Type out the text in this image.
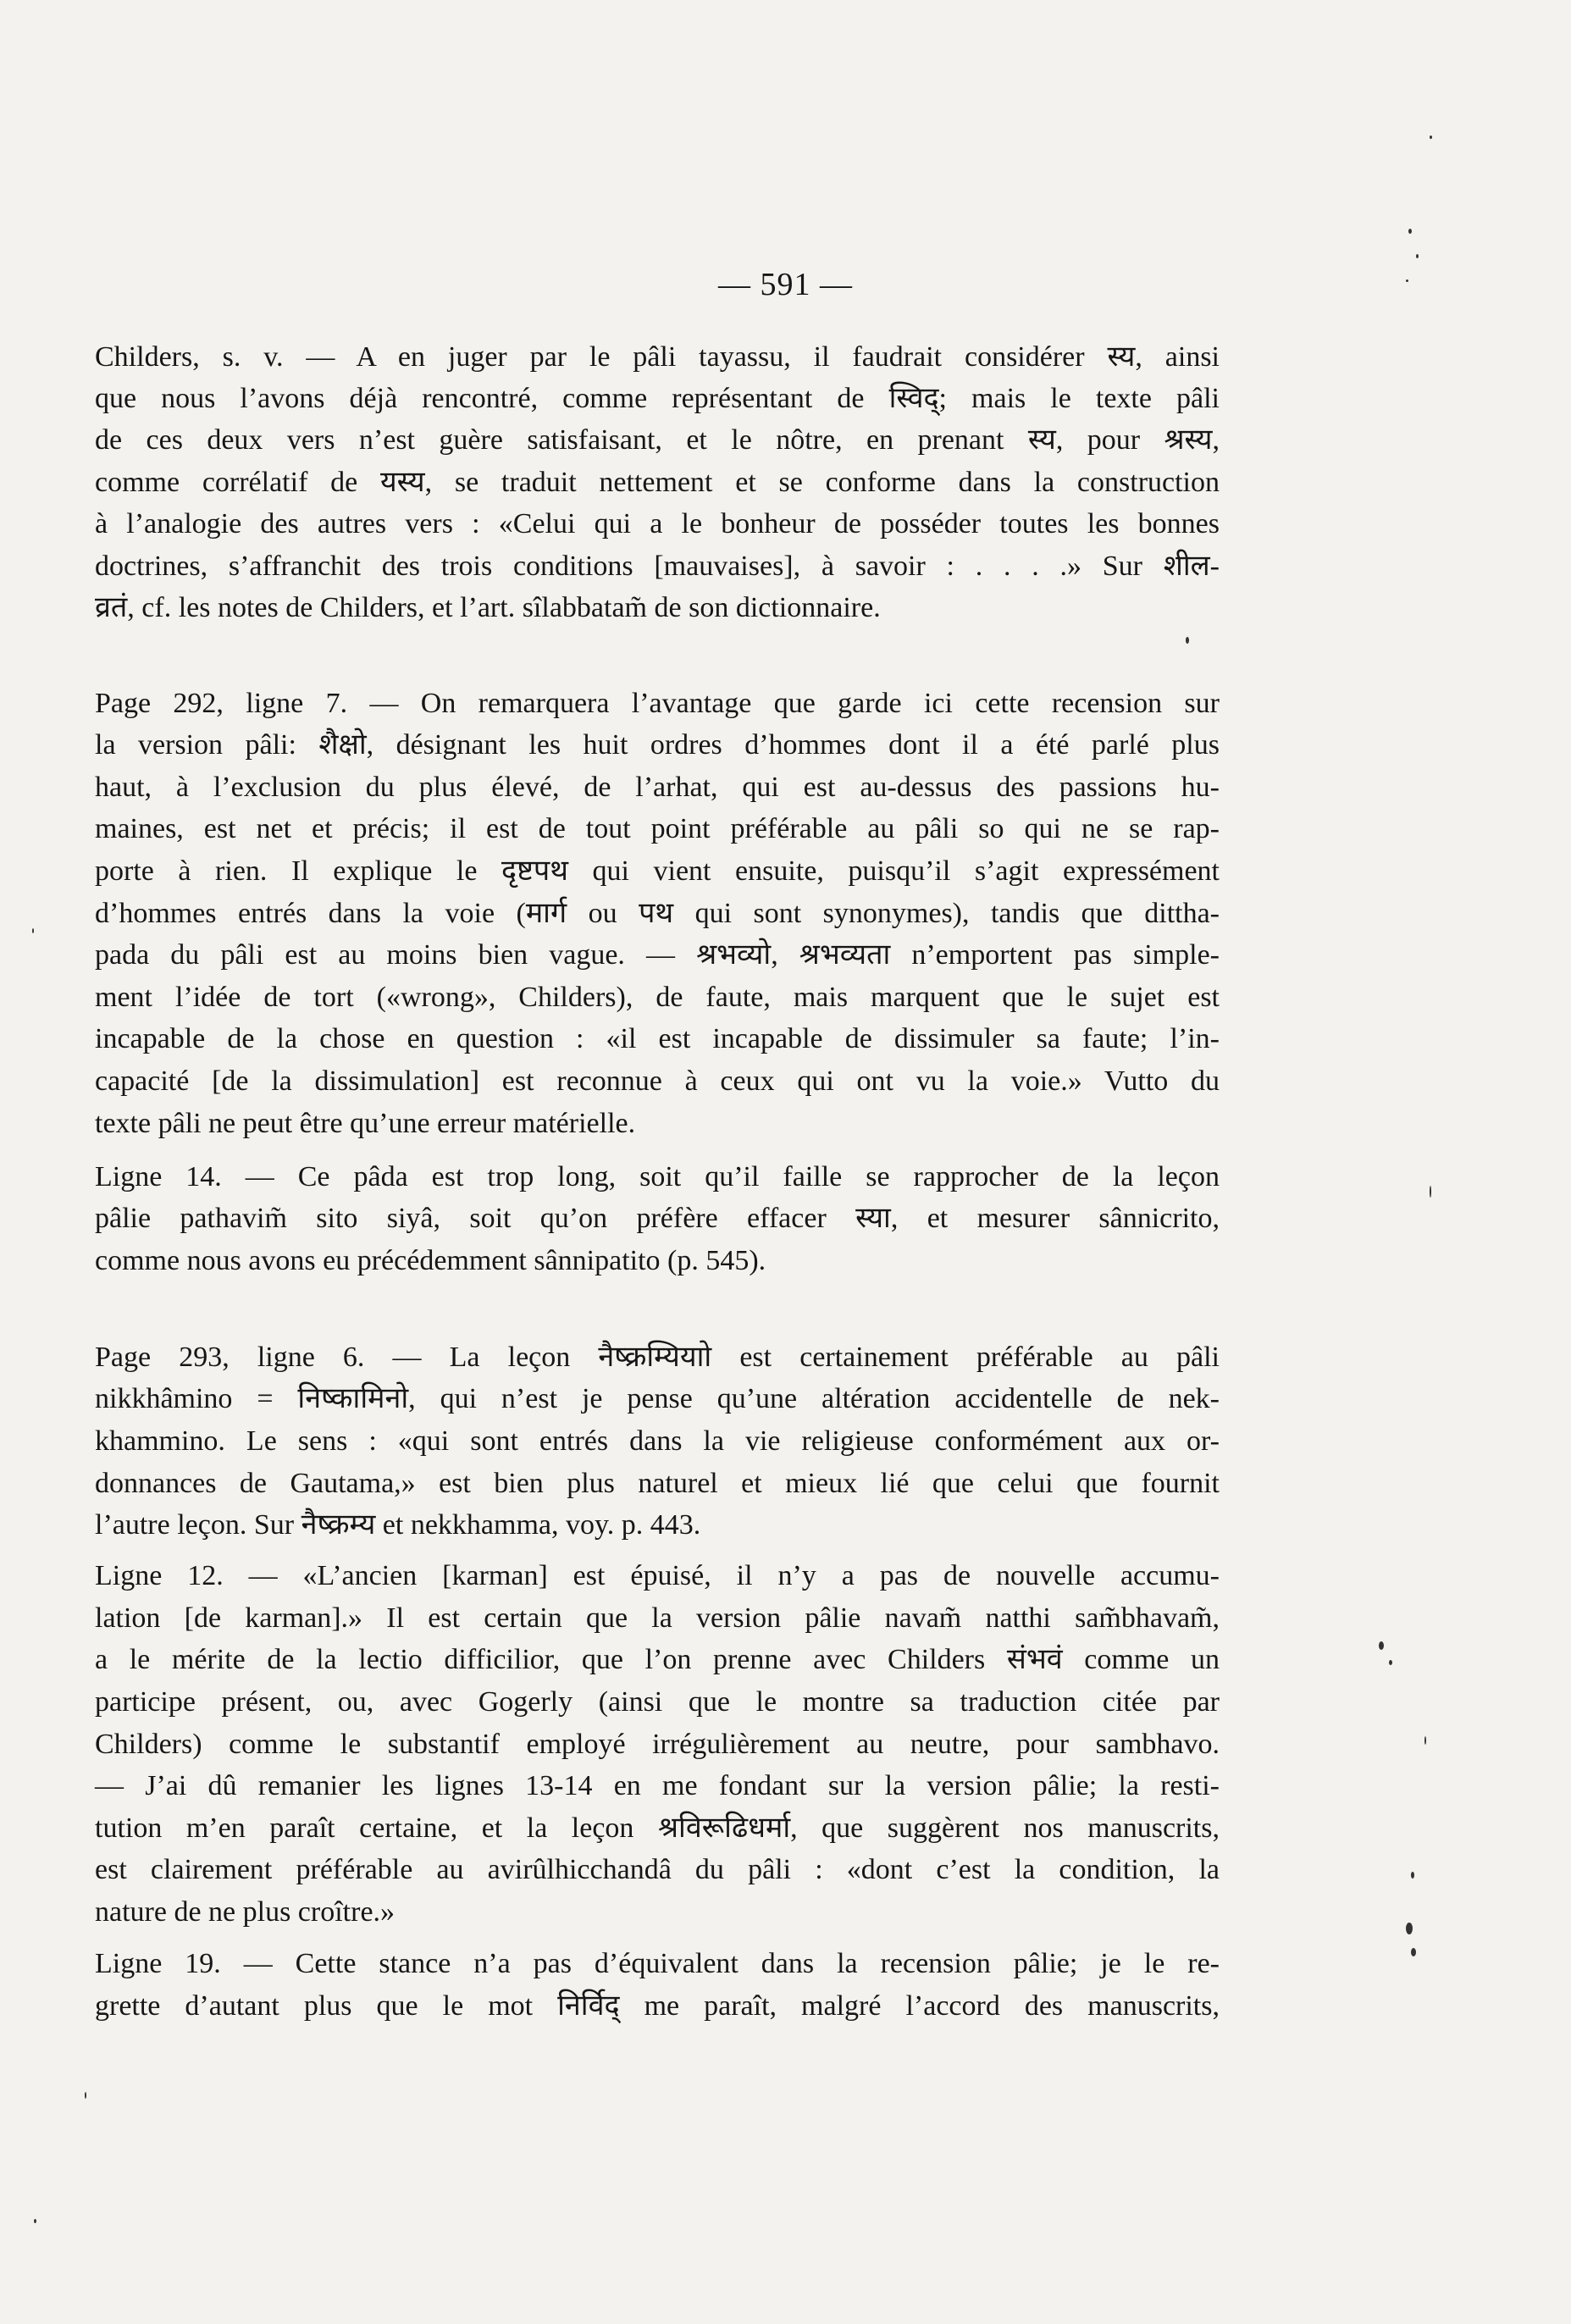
— 591 —
Childers, s. v. — A en juger par le pâli tayassu, il faudrait considérer स्य, ainsi
que nous l’avons déjà rencontré, comme représentant de स्विद्; mais le texte pâli
de ces deux vers n’est guère satisfaisant, et le nôtre, en prenant स्य, pour श्रस्य,
comme corrélatif de यस्य, se traduit nettement et se conforme dans la construction
à l’analogie des autres vers : «Celui qui a le bonheur de posséder toutes les bonnes
doctrines, s’affranchit des trois conditions [mauvaises], à savoir : . . . .» Sur शील-
व्रतं, cf. les notes de Childers, et l’art. sîlabbatam̃ de son dictionnaire.
Page 292, ligne 7. — On remarquera l’avantage que garde ici cette recension sur
la version pâli: शैक्षो, désignant les huit ordres d’hommes dont il a été parlé plus
haut, à l’exclusion du plus élevé, de l’arhat, qui est au-dessus des passions hu-
maines, est net et précis; il est de tout point préférable au pâli so qui ne se rap-
porte à rien. Il explique le दृष्टपथ qui vient ensuite, puisqu’il s’agit expressément
d’hommes entrés dans la voie (मार्ग ou पथ qui sont synonymes), tandis que dittha-
pada du pâli est au moins bien vague. — श्रभव्यो, श्रभव्यता n’emportent pas simple-
ment l’idée de tort («wrong», Childers), de faute, mais marquent que le sujet est
incapable de la chose en question : «il est incapable de dissimuler sa faute; l’in-
capacité [de la dissimulation] est reconnue à ceux qui ont vu la voie.» Vutto du
texte pâli ne peut être qu’une erreur matérielle.
Ligne 14. — Ce pâda est trop long, soit qu’il faille se rapprocher de la leçon
pâlie pathavim̃ sito siyâ, soit qu’on préfère effacer स्या, et mesurer sânnicrito,
comme nous avons eu précédemment sânnipatito (p. 545).
Page 293, ligne 6. — La leçon नैष्क्रम्यियाो est certainement préférable au pâli
nikkhâmino = निष्कामिनो, qui n’est je pense qu’une altération accidentelle de nek-
khammino. Le sens : «qui sont entrés dans la vie religieuse conformément aux or-
donnances de Gautama,» est bien plus naturel et mieux lié que celui que fournit
l’autre leçon. Sur नैष्क्रम्य et nekkhamma, voy. p. 443.
Ligne 12. — «L’ancien [karman] est épuisé, il n’y a pas de nouvelle accumu-
lation [de karman].» Il est certain que la version pâlie navam̃ natthi sam̃bhavam̃,
a le mérite de la lectio difficilior, que l’on prenne avec Childers संभवं comme un
participe présent, ou, avec Gogerly (ainsi que le montre sa traduction citée par
Childers) comme le substantif employé irrégulièrement au neutre, pour sambhavo.
— J’ai dû remanier les lignes 13-14 en me fondant sur la version pâlie; la resti-
tution m’en paraît certaine, et la leçon श्रविरूढिधर्मा, que suggèrent nos manuscrits,
est clairement préférable au avirûlhicchandâ du pâli : «dont c’est la condition, la
nature de ne plus croître.»
Ligne 19. — Cette stance n’a pas d’équivalent dans la recension pâlie; je le re-
grette d’autant plus que le mot निर्विद् me paraît, malgré l’accord des manuscrits,
